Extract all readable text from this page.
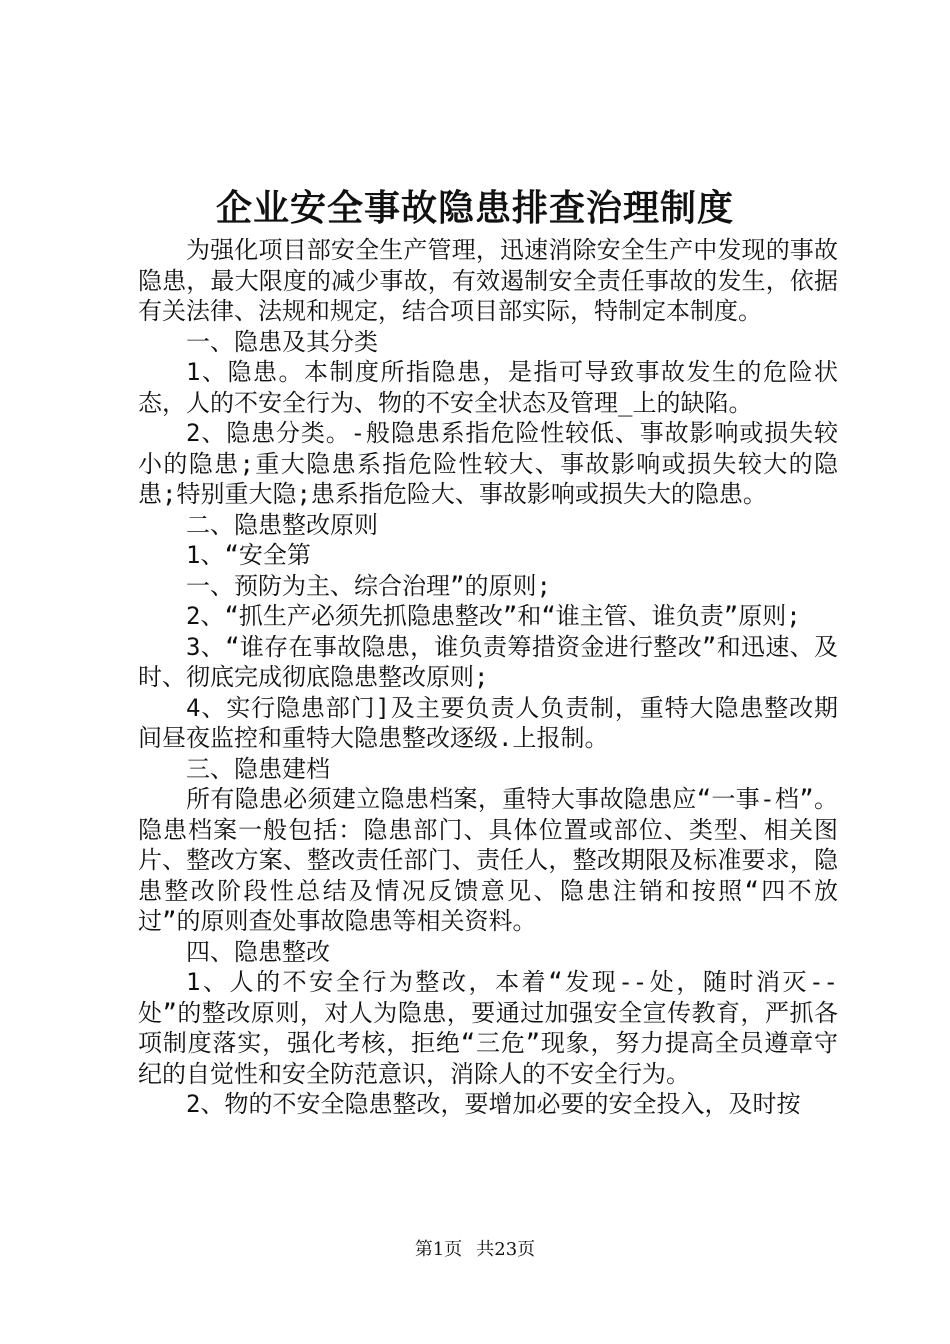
企业安全事故隐患排查治理制度

为强化项目部安全生产管理，迅速消除安全生产中发现的事故隐患，最大限度的减少事故，有效遏制安全责任事故的发生，依据有关法律、法规和规定，结合项目部实际，特制定本制度。

一、隐患及其分类

1、隐患。本制度所指隐患，是指可导致事故发生的危险状态，人的不安全行为、物的不安全状态及管理_上的缺陷。

2、隐患分类。-般隐患系指危险性较低、事故影响或损失较小的隐患;重大隐患系指危险性较大、事故影响或损失较大的隐患;特别重大隐;患系指危险大、事故影响或损失大的隐患。

二、隐患整改原则

1、“安全第

一、预防为主、综合治理”的原则;

2、“抓生产必须先抓隐患整改”和“谁主管、谁负责”原则;

3、“谁存在事故隐患，谁负责筹措资金进行整改”和迅速、及时、彻底完成彻底隐患整改原则;

4、实行隐患部门]及主要负责人负责制，重特大隐患整改期间昼夜监控和重特大隐患整改逐级.上报制。

三、隐患建档

所有隐患必须建立隐患档案，重特大事故隐患应“一事-档”。隐患档案一般包括：隐患部门、具体位置或部位、类型、相关图片、整改方案、整改责任部门、责任人，整改期限及标准要求，隐患整改阶段性总结及情况反馈意见、隐患注销和按照“四不放过”的原则查处事故隐患等相关资料。

四、隐患整改

1、人的不安全行为整改，本着“发现--处，随时消灭--处”的整改原则，对人为隐患，要通过加强安全宣传教育，严抓各项制度落实，强化考核，拒绝“三危”现象，努力提高全员遵章守纪的自觉性和安全防范意识，消除人的不安全行为。

2、物的不安全隐患整改，要增加必要的安全投入，及时按

第1页 共23页
